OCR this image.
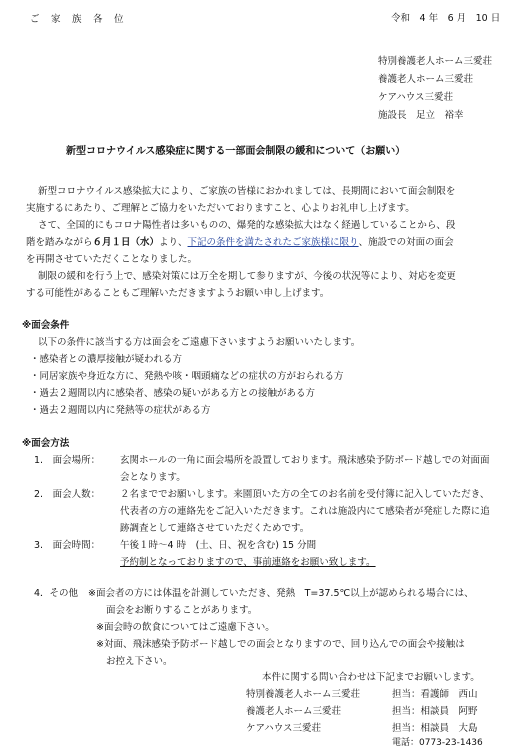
ご　家　族　各　位	令和　4 年　6 月　10 日
特別養護老人ホーム三愛荘
養護老人ホーム三愛荘
ケアハウス三愛荘
施設長　足立　裕幸
新型コロナウイルス感染症に関する一部面会制限の緩和について（お願い）
新型コロナウイルス感染拡大により、ご家族の皆様におかれましては、長期間において面会制限を
実施するにあたり、ご理解とご協力をいただいておりますこと、心よりお礼申し上げます。
さて、全国的にもコロナ陽性者は多いものの、爆発的な感染拡大はなく経過していることから、段
階を踏みながら６月１日（水）より、下記の条件を満たされたご家族様に限り、施設での対面の面会
を再開させていただくことなりました。
制限の緩和を行う上で、感染対策には万全を期して参りますが、今後の状況等により、対応を変更
する可能性があることもご理解いただきますようお願い申し上げます。
※面会条件
以下の条件に該当する方は面会をご遠慮下さいますようお願いいたします。
・感染者との濃厚接触が疑われる方
・同居家族や身近な方に、発熱や咳・咽頭痛などの症状の方がおられる方
・過去２週間以内に感染者、感染の疑いがある方との接触がある方
・過去２週間以内に発熱等の症状がある方
※面会方法
1.　面会場所： 玄関ホールの一角に面会場所を設置しております。飛沫感染予防ボード越しでの対面面
会となります。
2.　面会人数： ２名まででお願いします。来園頂いた方の全てのお名前を受付簿に記入していただき、
代表者の方の連絡先をご記入いただきます。これは施設内にて感染者が発症した際に追
跡調査として連絡させていただくためです。
3.　面会時間： 午後１時～4 時　(土、日、祝を含む) 15 分間
予約制となっておりますので、事前連絡をお願い致します。
4．その他 ※面会者の方には体温を計測していただき、発熱　T=37.5℃以上が認められる場合には、
面会をお断りすることがあります。
※面会時の飲食についてはご遠慮下さい。
※対面、飛沫感染予防ボード越しでの面会となりますので、回り込んでの面会や接触は
お控え下さい。
本件に関する問い合わせは下記までお願いします。
特別養護老人ホーム三愛荘	担当：看護師　西山
養護老人ホーム三愛荘	担当：相談員　阿野
ケアハウス三愛荘	担当：相談員　大島
電話：0773-23-1436
